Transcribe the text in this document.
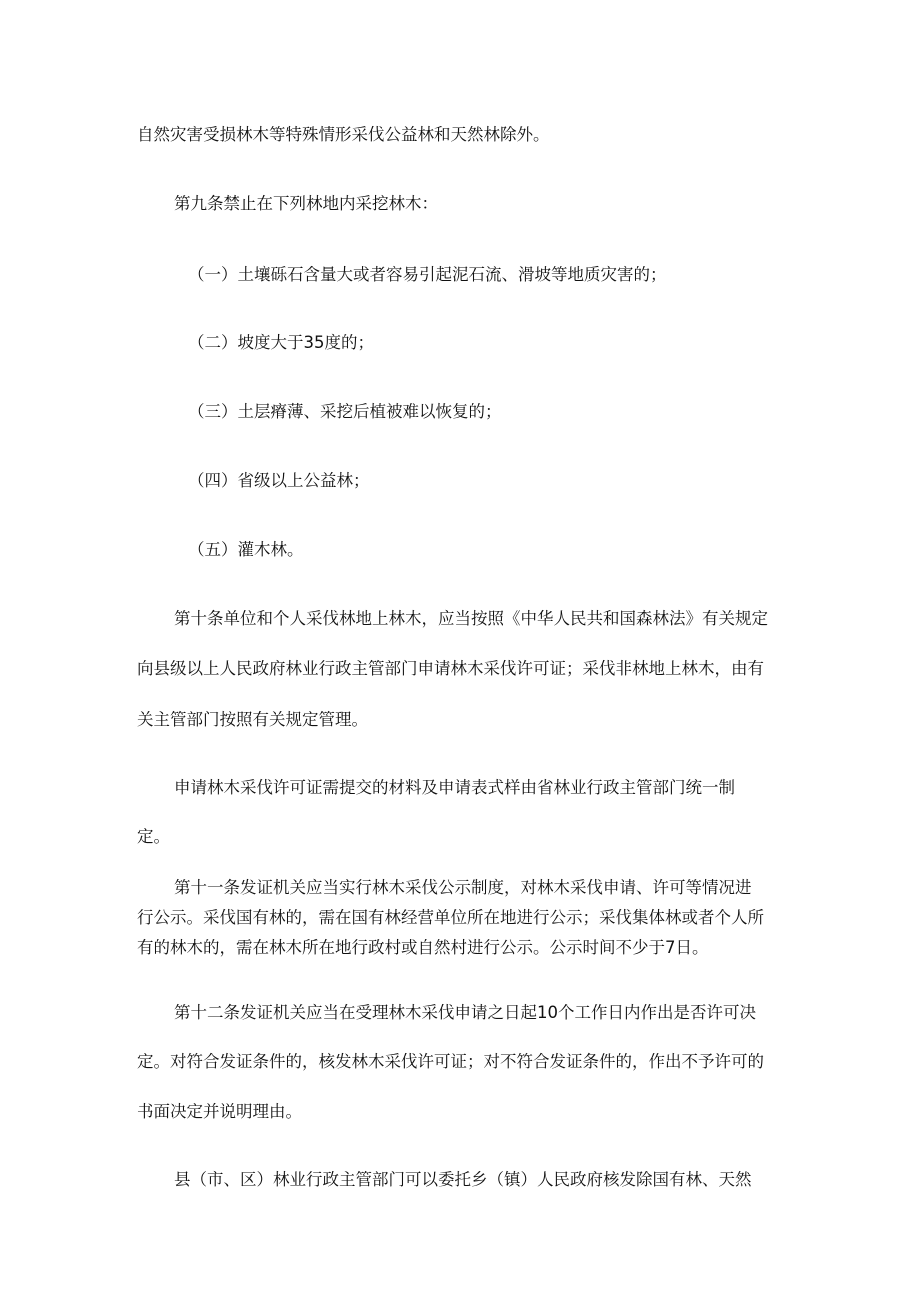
自然灾害受损林木等特殊情形采伐公益林和天然林除外。

第九条禁止在下列林地内采挖林木：

（一）土壤砾石含量大或者容易引起泥石流、滑坡等地质灾害的；

（二）坡度大于35度的；

（三）土层瘠薄、采挖后植被难以恢复的；

（四）省级以上公益林；

（五）灌木林。

第十条单位和个人采伐林地上林木，应当按照《中华人民共和国森林法》有关规定

向县级以上人民政府林业行政主管部门申请林木采伐许可证；采伐非林地上林木，由有

关主管部门按照有关规定管理。

申请林木采伐许可证需提交的材料及申请表式样由省林业行政主管部门统一制

定。

第十一条发证机关应当实行林木采伐公示制度，对林木采伐申请、许可等情况进

行公示。采伐国有林的，需在国有林经营单位所在地进行公示；采伐集体林或者个人所

有的林木的，需在林木所在地行政村或自然村进行公示。公示时间不少于7日。

第十二条发证机关应当在受理林木采伐申请之日起10个工作日内作出是否许可决

定。对符合发证条件的，核发林木采伐许可证；对不符合发证条件的，作出不予许可的

书面决定并说明理由。

县（市、区）林业行政主管部门可以委托乡（镇）人民政府核发除国有林、天然
